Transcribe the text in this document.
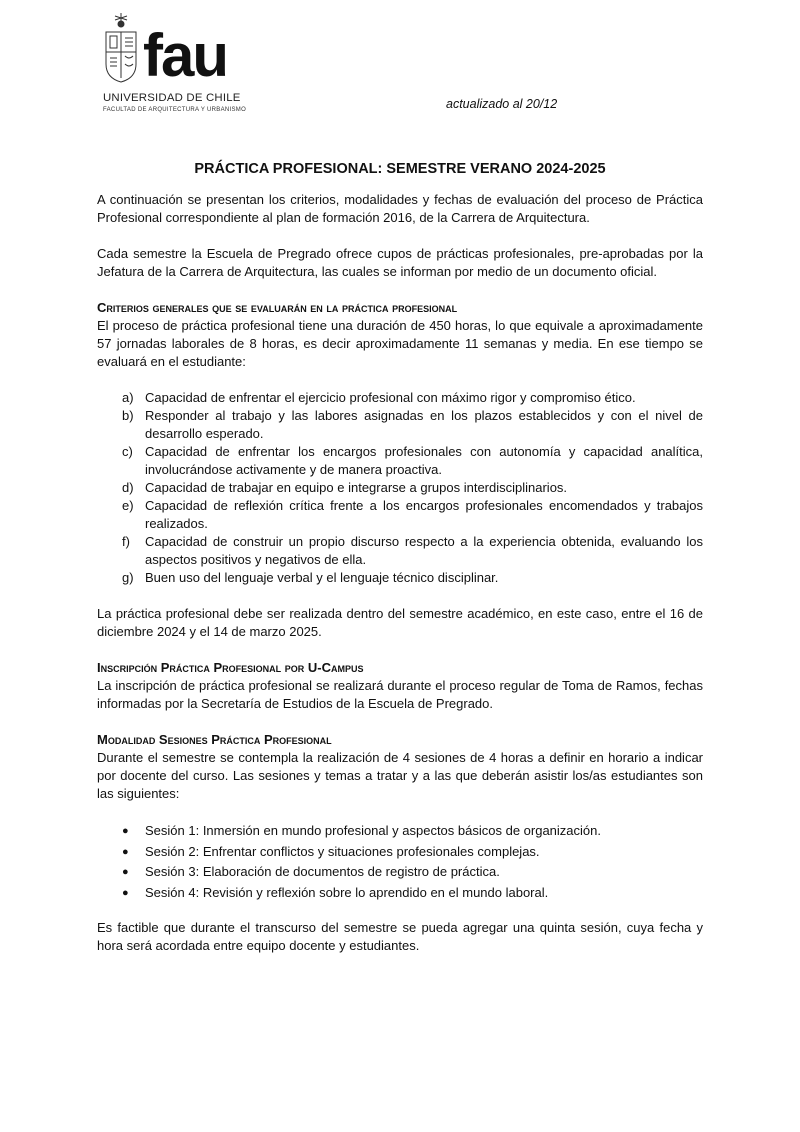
fau
UNIVERSIDAD DE CHILE
FACULTAD DE ARQUITECTURA Y URBANISMO	actualizado al 20/12
PRÁCTICA PROFESIONAL: SEMESTRE VERANO 2024-2025

A continuación se presentan los criterios, modalidades y fechas de evaluación del proceso de Práctica Profesional correspondiente al plan de formación 2016, de la Carrera de Arquitectura.

Cada semestre la Escuela de Pregrado ofrece cupos de prácticas profesionales, pre-aprobadas por la Jefatura de la Carrera de Arquitectura, las cuales se informan por medio de un documento oficial.

Criterios generales que se evaluarán en la práctica profesional

El proceso de práctica profesional tiene una duración de 450 horas, lo que equivale a aproximadamente 57 jornadas laborales de 8 horas, es decir aproximadamente 11 semanas y media. En ese tiempo se evaluará en el estudiante:

a) Capacidad de enfrentar el ejercicio profesional con máximo rigor y compromiso ético.
b) Responder al trabajo y las labores asignadas en los plazos establecidos y con el nivel de desarrollo esperado.
c) Capacidad de enfrentar los encargos profesionales con autonomía y capacidad analítica, involucrándose activamente y de manera proactiva.
d) Capacidad de trabajar en equipo e integrarse a grupos interdisciplinarios.
e) Capacidad de reflexión crítica frente a los encargos profesionales encomendados y trabajos realizados.
f) Capacidad de construir un propio discurso respecto a la experiencia obtenida, evaluando los aspectos positivos y negativos de ella.
g) Buen uso del lenguaje verbal y el lenguaje técnico disciplinar.

La práctica profesional debe ser realizada dentro del semestre académico, en este caso, entre el 16 de diciembre 2024 y el 14 de marzo 2025.

Inscripción Práctica Profesional por U-Campus

La inscripción de práctica profesional se realizará durante el proceso regular de Toma de Ramos, fechas informadas por la Secretaría de Estudios de la Escuela de Pregrado.

Modalidad Sesiones Práctica Profesional

Durante el semestre se contempla la realización de 4 sesiones de 4 horas a definir en horario a indicar por docente del curso. Las sesiones y temas a tratar y a las que deberán asistir los/as estudiantes son las siguientes:

● Sesión 1: Inmersión en mundo profesional y aspectos básicos de organización.
● Sesión 2: Enfrentar conflictos y situaciones profesionales complejas.
● Sesión 3: Elaboración de documentos de registro de práctica.
● Sesión 4: Revisión y reflexión sobre lo aprendido en el mundo laboral.

Es factible que durante el transcurso del semestre se pueda agregar una quinta sesión, cuya fecha y hora será acordada entre equipo docente y estudiantes.
